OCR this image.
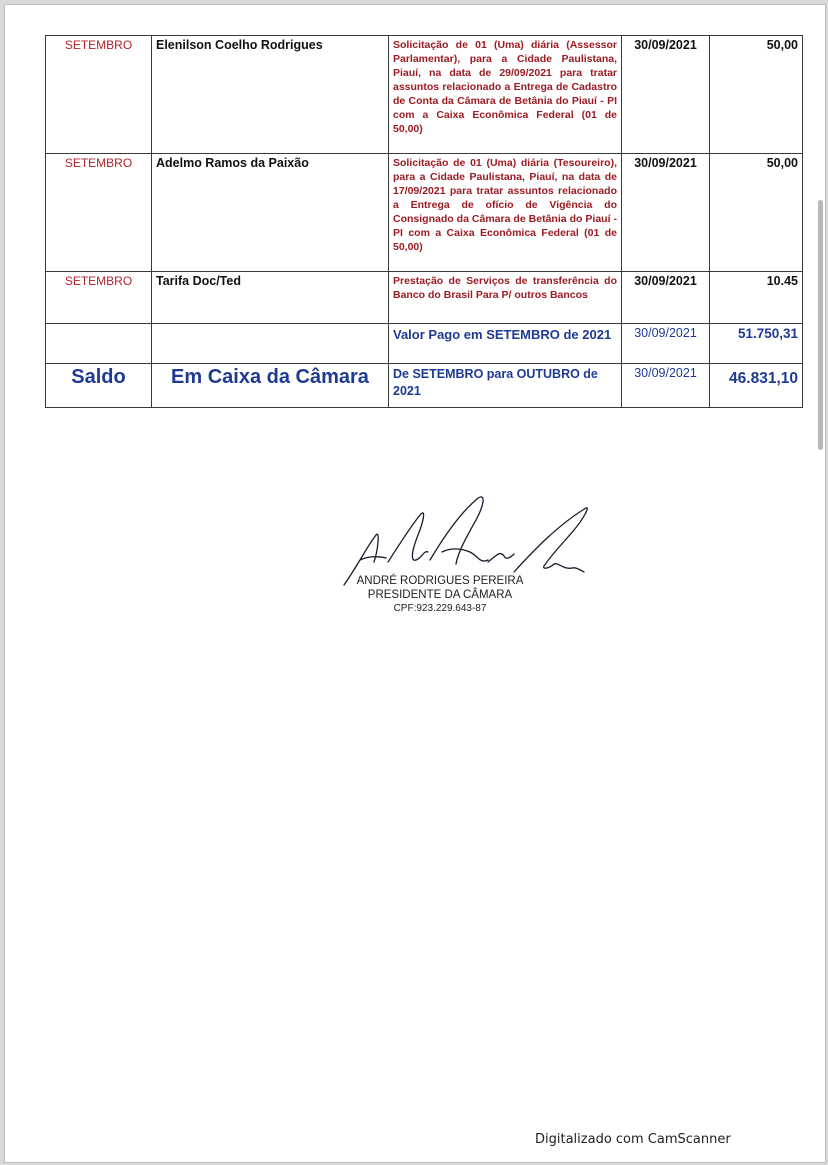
SETEMBRO	Elenilson Coelho Rodrigues	Solicitação de 01 (Uma) diária (Assessor Parlamentar), para a Cidade Paulistana, Piauí, na data de 29/09/2021 para tratar assuntos relacionado a Entrega de Cadastro de Conta da Câmara de Betânia do Piauí - PI com a Caixa Econômica Federal (01 de 50,00)	30/09/2021	50,00
SETEMBRO	Adelmo Ramos da Paixão	Solicitação de 01 (Uma) diária (Tesoureiro), para a Cidade Paulistana, Piauí, na data de 17/09/2021 para tratar assuntos relacionado a Entrega de ofício de Vigência do Consignado da Câmara de Betânia do Piauí - PI com a Caixa Econômica Federal (01 de 50,00)	30/09/2021	50,00
SETEMBRO	Tarifa Doc/Ted	Prestação de Serviços de transferência do Banco do Brasil Para P/ outros Bancos	30/09/2021	10.45
		Valor Pago em SETEMBRO de 2021	30/09/2021	51.750,31
Saldo	Em Caixa da Câmara	De SETEMBRO para OUTUBRO de 2021	30/09/2021	46.831,10
ANDRÉ RODRIGUES PEREIRA
PRESIDENTE DA CÂMARA
CPF:923.229.643-87
Digitalizado com CamScanner
